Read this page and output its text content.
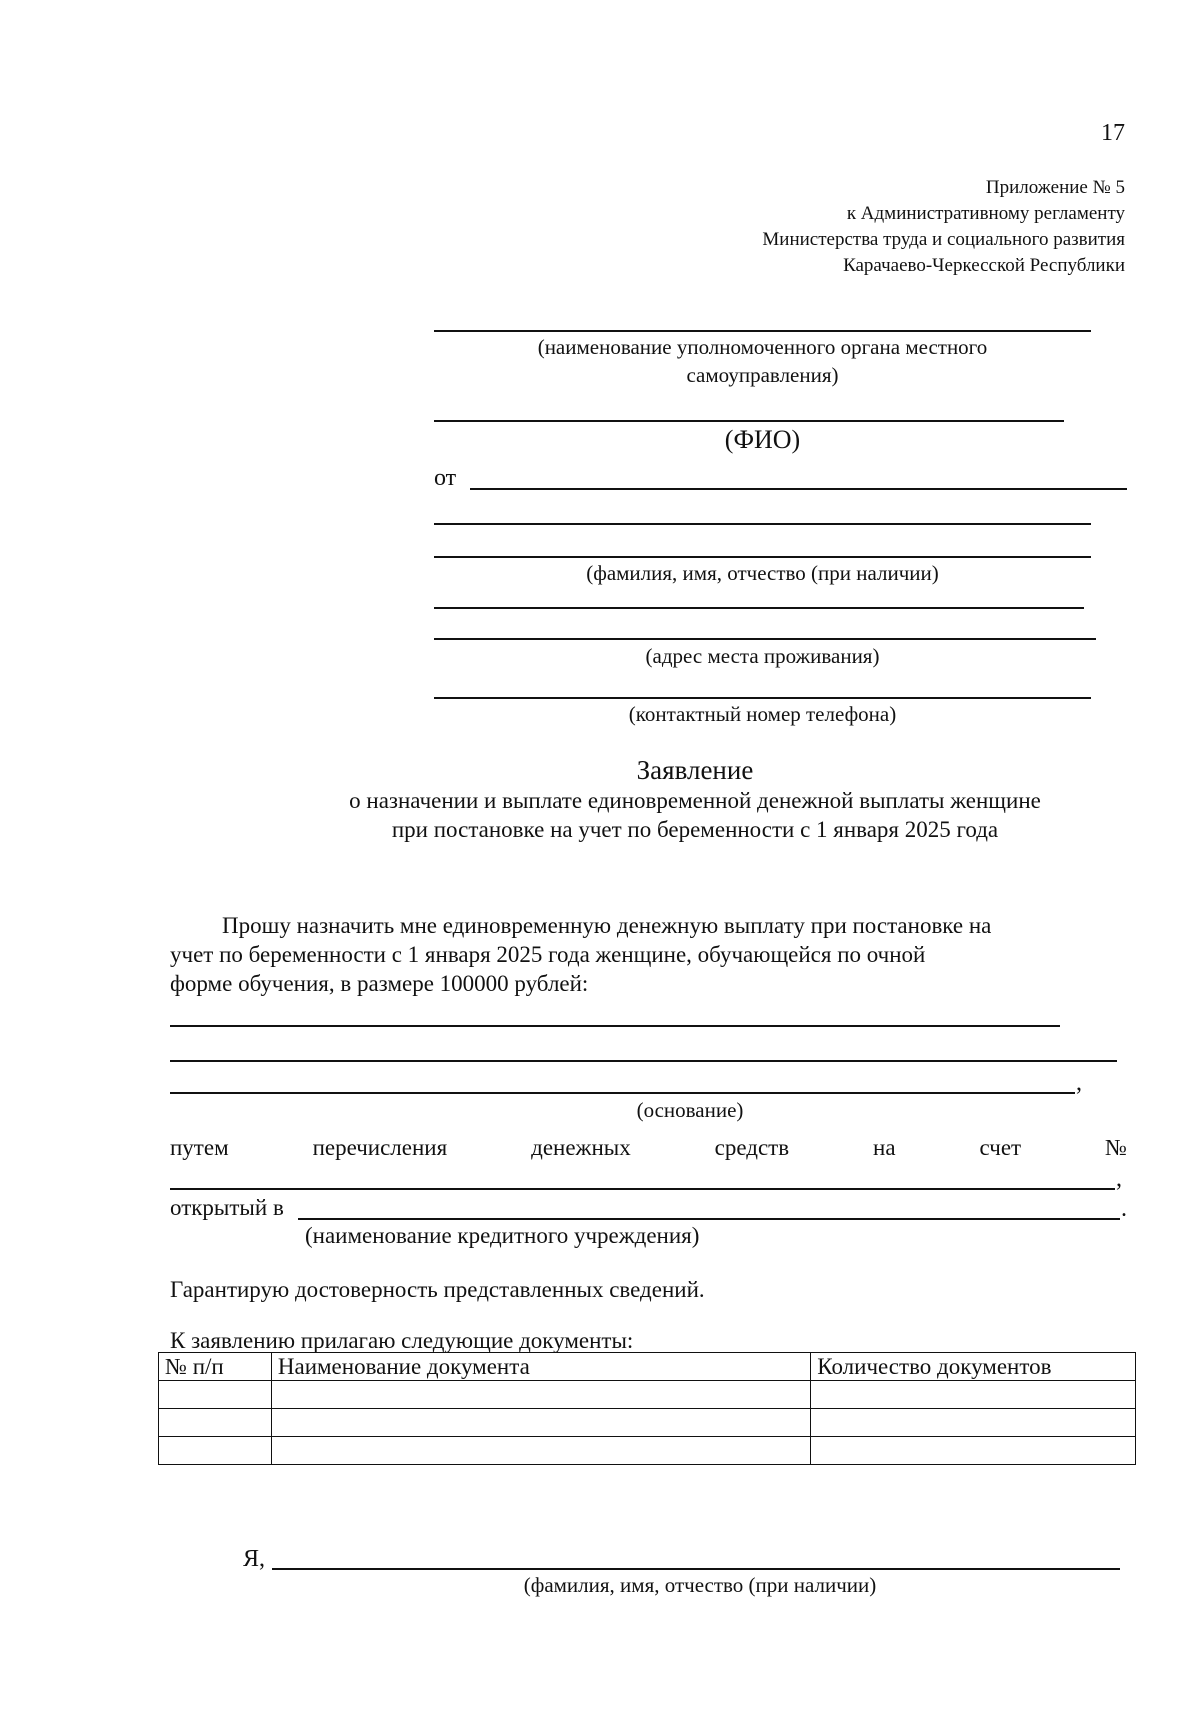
17
Приложение № 5
к Административному регламенту
Министерства труда и социального развития
Карачаево-Черкесской Республики
(наименование уполномоченного органа местного
самоуправления)
(ФИО)
от
(фамилия, имя, отчество (при наличии)
(адрес места проживания)
(контактный номер телефона)
Заявление
о назначении и выплате единовременной денежной выплаты женщине
при постановке на учет по беременности с 1 января 2025 года
Прошу назначить мне единовременную денежную выплату при постановке на
учет по беременности с 1 января 2025 года женщине, обучающейся по очной
форме обучения, в размере 100000 рублей:
,
(основание)
путем	перечисления	денежных	средств	на	счет	№
,
открытый в	.
(наименование кредитного учреждения)
Гарантирую достоверность представленных сведений.
К заявлению прилагаю следующие документы:
№ п/п	Наименование документа	Количество документов

Я,
(фамилия, имя, отчество (при наличии)
